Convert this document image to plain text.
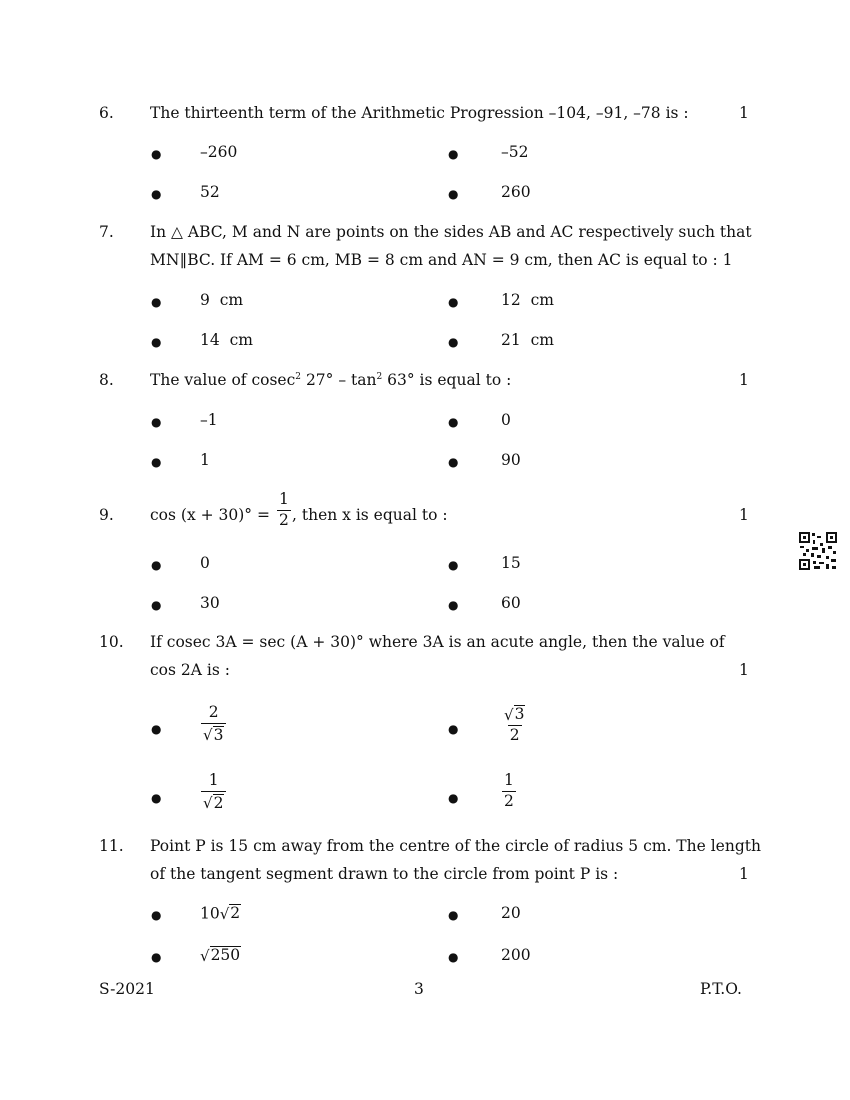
6. The thirteenth term of the Arithmetic Progression –104, –91, –78 is :	1
● –260	●	–52
● 52	●	260
7. In △ ABC, M and N are points on the sides AB and AC respectively such that
MN∥BC. If AM = 6 cm, MB = 8 cm and AN = 9 cm, then AC is equal to : 1
● 9  cm	●	12  cm
● 14  cm	●	21  cm
8. The value of cosec$^2$ $27^\circ - \tan^2 63^\circ$ is equal to :	1
● –1	●	0
● 1	●	90
9. $\cos (x + 30)^\circ = \frac{1}{2}$ , then x is equal to :	1
● 0	●	15
● 30	●	60
10. If cosec 3A = sec (A + 30)° where 3A is an acute angle, then the value of
cos 2A is :	1
●	$\frac{2}{√ 3}$	●	$\frac{√ 3}{2}$
●	$\frac{1}{√ 2}$	●	$\frac{1}{2}$
11. Point P is 15 cm away from the centre of the circle of radius 5 cm. The length
of the tangent segment drawn to the circle from point P is :	1
● 10 √ 2	●	20
●	√ 250	●	200
S-2021	3	P.T.O.
